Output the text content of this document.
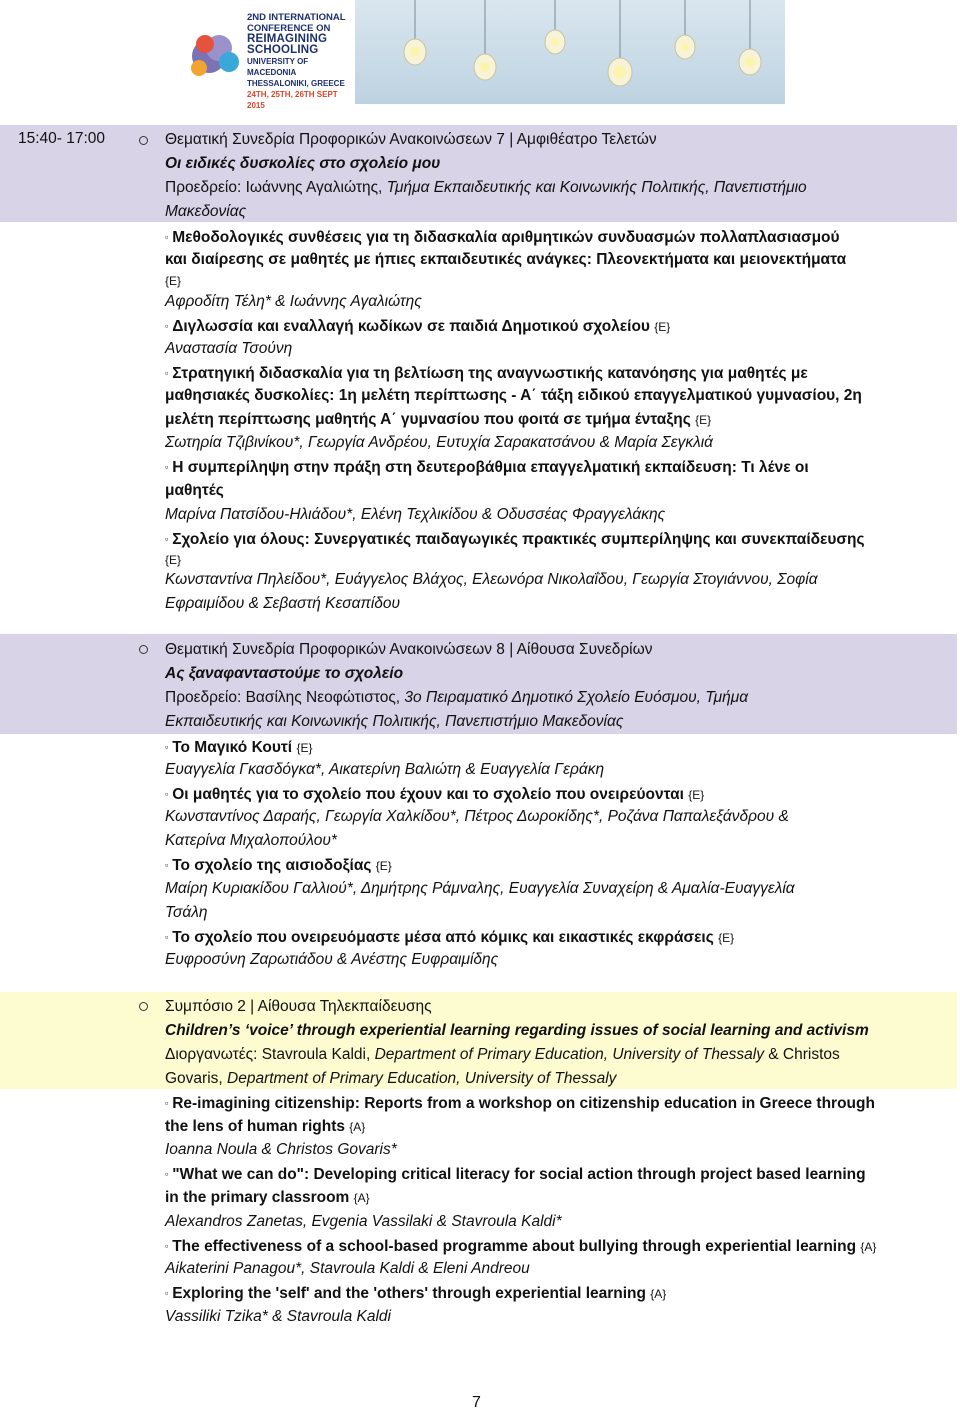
2ND INTERNATIONAL
CONFERENCE ON
REIMAGINING
SCHOOLING
UNIVERSITY OF MACEDONIA
THESSALONIKI, GREECE
24TH, 25TH, 26TH SEPT 2015
15:40- 17:00	Θεματική Συνεδρία Προφορικών Ανακοινώσεων 7 | Αμφιθέατρο Τελετών
Οι ειδικές δυσκολίες στο σχολείο μου
Προεδρείο: Ιωάννης Αγαλιώτης, Τμήμα Εκπαιδευτικής και Κοινωνικής Πολιτικής, Πανεπιστήμιο
Μακεδονίας
▫ Μεθοδολογικές συνθέσεις για τη διδασκαλία αριθμητικών συνδυασμών πολλαπλασιασμού
και διαίρεσης σε μαθητές με ήπιες εκπαιδευτικές ανάγκες: Πλεονεκτήματα και μειονεκτήματα
{E}
Αφροδίτη Τέλη* & Ιωάννης Αγαλιώτης
▫ Διγλωσσία και εναλλαγή κωδίκων σε παιδιά Δημοτικού σχολείου {E}
Αναστασία Τσούνη
▫ Στρατηγική διδασκαλία για τη βελτίωση της αναγνωστικής κατανόησης για μαθητές με
μαθησιακές δυσκολίες: 1η μελέτη περίπτωσης - Α΄ τάξη ειδικού επαγγελματικού γυμνασίου, 2η
μελέτη περίπτωσης μαθητής Α΄ γυμνασίου που φοιτά σε τμήμα ένταξης {E}
Σωτηρία Τζιβινίκου*, Γεωργία Ανδρέου, Ευτυχία Σαρακατσάνου & Μαρία Σεγκλιά
▫ Η συμπερίληψη στην πράξη στη δευτεροβάθμια επαγγελματική εκπαίδευση: Τι λένε οι
μαθητές
Μαρίνα Πατσίδου-Ηλιάδου*, Ελένη Τεχλικίδου & Οδυσσέας Φραγγελάκης
▫ Σχολείο για όλους: Συνεργατικές παιδαγωγικές πρακτικές συμπερίληψης και συνεκπαίδευσης
{E}
Κωνσταντίνα Πηλείδου*, Ευάγγελος Βλάχος, Ελεωνόρα Νικολαΐδου, Γεωργία Στογιάννου, Σοφία
Εφραιμίδου & Σεβαστή Κεσαπίδου
Θεματική Συνεδρία Προφορικών Ανακοινώσεων 8 | Αίθουσα Συνεδρίων
Ας ξαναφανταστούμε το σχολείο
Προεδρείο: Βασίλης Νεοφώτιστος, 3ο Πειραματικό Δημοτικό Σχολείο Ευόσμου, Τμήμα
Εκπαιδευτικής και Κοινωνικής Πολιτικής, Πανεπιστήμιο Μακεδονίας
▫ Το Μαγικό Κουτί {E}
Ευαγγελία Γκασδόγκα*, Αικατερίνη Βαλιώτη & Ευαγγελία Γεράκη
▫ Οι μαθητές για το σχολείο που έχουν και το σχολείο που ονειρεύονται {E}
Κωνσταντίνος Δαραής, Γεωργία Χαλκίδου*, Πέτρος Δωροκίδης*, Ροζάνα Παπαλεξάνδρου &
Κατερίνα Μιχαλοπούλου*
▫ Το σχολείο της αισιοδοξίας {E}
Μαίρη Κυριακίδου Γαλλιού*, Δημήτρης Ράμναλης, Ευαγγελία Συναχείρη & Αμαλία-Ευαγγελία
Τσάλη
▫ Το σχολείο που ονειρευόμαστε μέσα από κόμικς και εικαστικές εκφράσεις {E}
Ευφροσύνη Ζαρωτιάδου & Ανέστης Ευφραιμίδης
Συμπόσιο 2 | Αίθουσα Τηλεκπαίδευσης
Children’s ‘voice’ through experiential learning regarding issues of social learning and activism
Διοργανωτές: Stavroula Kaldi, Department of Primary Education, University of Thessaly & Christos
Govaris, Department of Primary Education, University of Thessaly
▫ Re-imagining citizenship: Reports from a workshop on citizenship education in Greece through
the lens of human rights {A}
Ioanna Noula & Christos Govaris*
▫ "What we can do": Developing critical literacy for social action through project based learning
in the primary classroom {A}
Alexandros Zanetas, Evgenia Vassilaki & Stavroula Kaldi*
▫ The effectiveness of a school-based programme about bullying through experiential learning {A}
Aikaterini Panagou*, Stavroula Kaldi & Eleni Andreou
▫ Exploring the 'self' and the 'others' through experiential learning {A}
Vassiliki Tzika* & Stavroula Kaldi
7
